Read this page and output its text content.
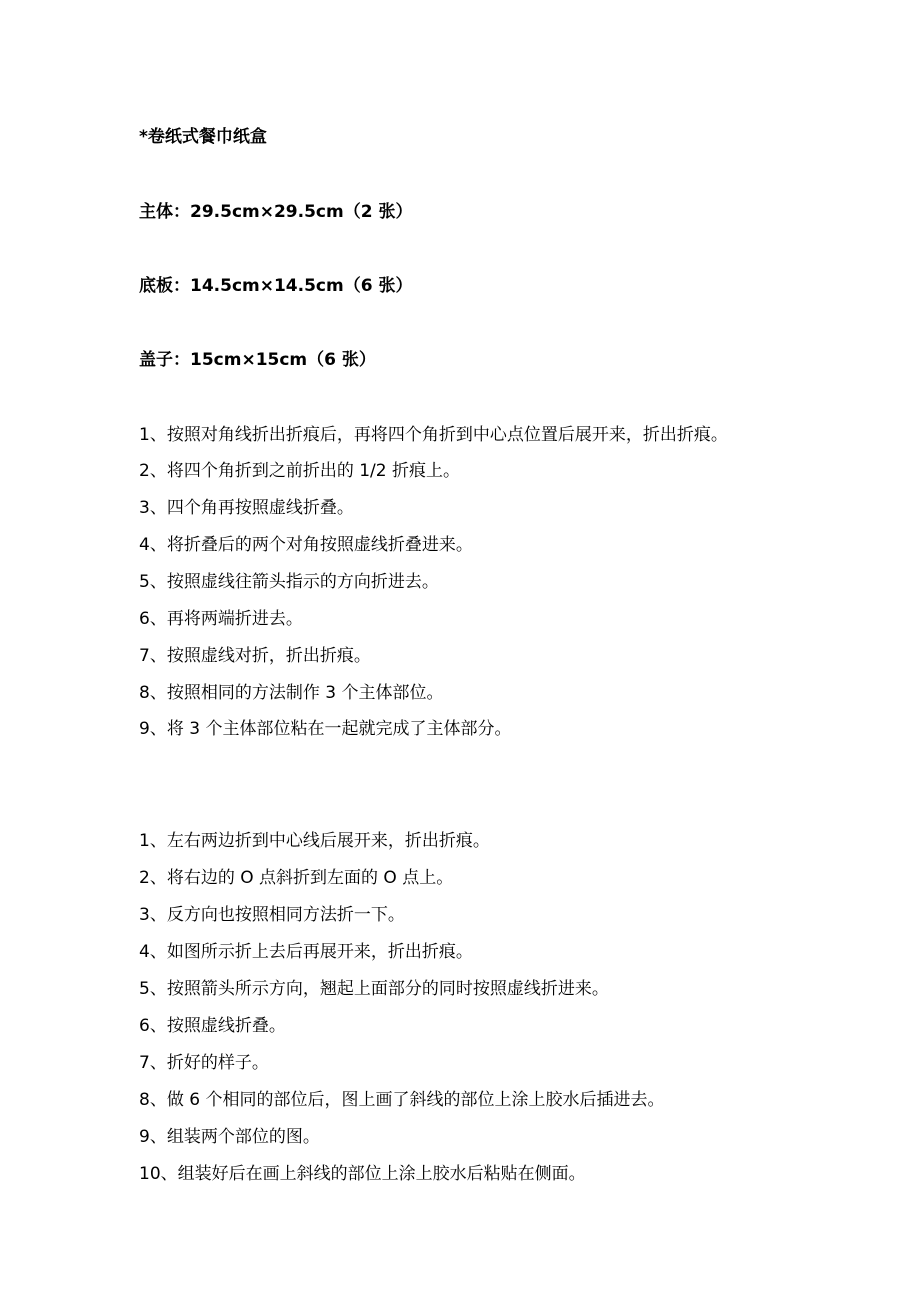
*卷纸式餐巾纸盒
主体：29.5cm×29.5cm（2 张）
底板：14.5cm×14.5cm（6 张）
盖子：15cm×15cm（6 张）
1、按照对角线折出折痕后，再将四个角折到中心点位置后展开来，折出折痕。
2、将四个角折到之前折出的 1/2 折痕上。
3、四个角再按照虚线折叠。
4、将折叠后的两个对角按照虚线折叠进来。
5、按照虚线往箭头指示的方向折进去。
6、再将两端折进去。
7、按照虚线对折，折出折痕。
8、按照相同的方法制作 3 个主体部位。
9、将 3 个主体部位粘在一起就完成了主体部分。
1、左右两边折到中心线后展开来，折出折痕。
2、将右边的 O 点斜折到左面的 O 点上。
3、反方向也按照相同方法折一下。
4、如图所示折上去后再展开来，折出折痕。
5、按照箭头所示方向，翘起上面部分的同时按照虚线折进来。
6、按照虚线折叠。
7、折好的样子。
8、做 6 个相同的部位后，图上画了斜线的部位上涂上胶水后插进去。
9、组装两个部位的图。
10、组装好后在画上斜线的部位上涂上胶水后粘贴在侧面。
